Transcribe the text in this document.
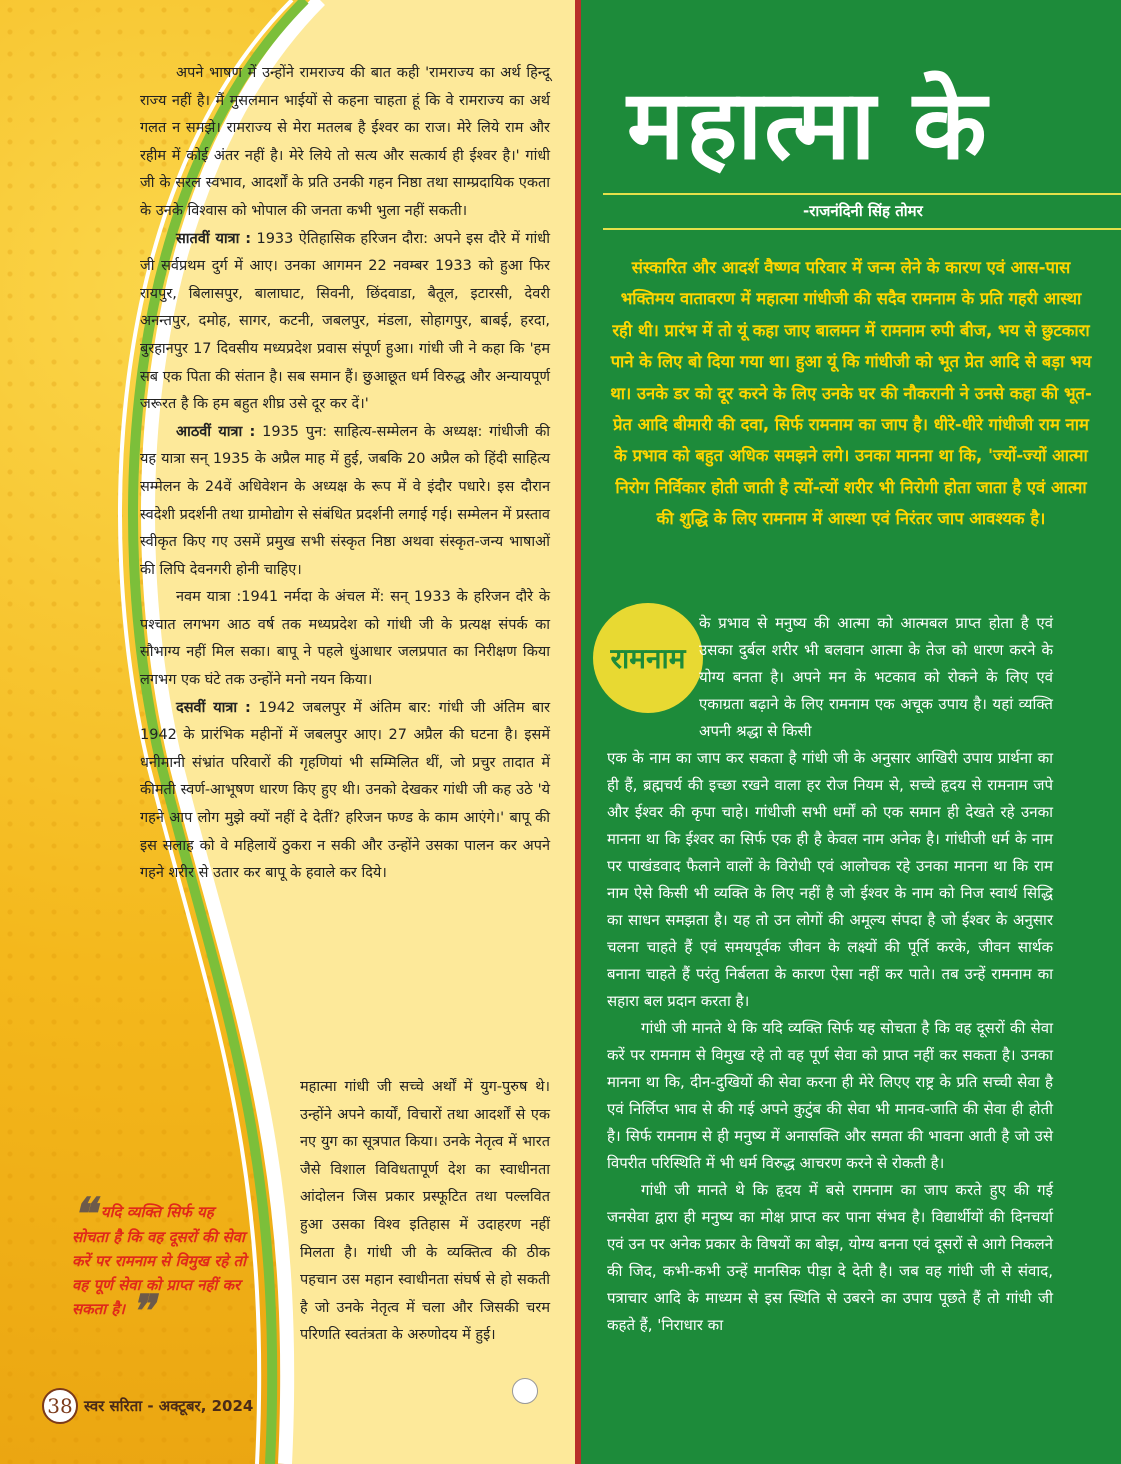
अपने भाषण में उन्होंने रामराज्य की बात कही 'रामराज्य का अर्थ हिन्दू राज्य नहीं है। मैं मुसलमान भाईयों से कहना चाहता हूं कि वे रामराज्य का अर्थ गलत न समझे। रामराज्य से मेरा मतलब है ईश्वर का राज। मेरे लिये राम और रहीम में कोई अंतर नहीं है। मेरे लिये तो सत्य और सत्कार्य ही ईश्वर है।' गांधी जी के सरल स्वभाव, आदर्शों के प्रति उनकी गहन निष्ठा तथा साम्प्रदायिक एकता के उनके विश्वास को भोपाल की जनता कभी भुला नहीं सकती।

सातवीं यात्रा : 1933 ऐतिहासिक हरिजन दौरा: अपने इस दौरे में गांधी जी सर्वप्रथम दुर्ग में आए। उनका आगमन 22 नवम्बर 1933 को हुआ फिर रायपुर, बिलासपुर, बालाघाट, सिवनी, छिंदवाडा, बैतूल, इटारसी, देवरी अनन्तपुर, दमोह, सागर, कटनी, जबलपुर, मंडला, सोहागपुर, बाबई, हरदा, बुरहानपुर 17 दिवसीय मध्यप्रदेश प्रवास संपूर्ण हुआ। गांधी जी ने कहा कि 'हम सब एक पिता की संतान है। सब समान हैं। छुआछूत धर्म विरुद्ध और अन्यायपूर्ण जरूरत है कि हम बहुत शीघ्र उसे दूर कर दें।'

आठवीं यात्रा : 1935 पुन: साहित्य-सम्मेलन के अध्यक्ष: गांधीजी की यह यात्रा सन् 1935 के अप्रैल माह में हुई, जबकि 20 अप्रैल को हिंदी साहित्य सम्मेलन के 24वें अधिवेशन के अध्यक्ष के रूप में वे इंदौर पधारे। इस दौरान स्वदेशी प्रदर्शनी तथा ग्रामोद्योग से संबंधित प्रदर्शनी लगाई गई। सम्मेलन में प्रस्ताव स्वीकृत किए गए उसमें प्रमुख सभी संस्कृत निष्ठा अथवा संस्कृत-जन्य भाषाओं की लिपि देवनगरी होनी चाहिए।

नवम यात्रा :1941 नर्मदा के अंचल में: सन् 1933 के हरिजन दौरे के पश्चात लगभग आठ वर्ष तक मध्यप्रदेश को गांधी जी के प्रत्यक्ष संपर्क का सौभाग्य नहीं मिल सका। बापू ने पहले धुंआधार जलप्रपात का निरीक्षण किया लगभग एक घंटे तक उन्होंने मनो नयन किया।

दसवीं यात्रा : 1942 जबलपुर में अंतिम बार: गांधी जी अंतिम बार 1942 के प्रारंभिक महीनों में जबलपुर आए। 27 अप्रैल की घटना है। इसमें धनीमानी संभ्रांत परिवारों की गृहणियां भी सम्मिलित थीं, जो प्रचुर तादात में कीमती स्वर्ण-आभूषण धारण किए हुए थी। उनको देखकर गांधी जी कह उठे 'ये गहने आप लोग मुझे क्यों नहीं दे देतीं? हरिजन फण्ड के काम आएंगे।' बापू की इस सलाह को वे महिलायें ठुकरा न सकी और उन्होंने उसका पालन कर अपने गहने शरीर से उतार कर बापू के हवाले कर दिये।

महात्मा गांधी जी सच्चे अर्थों में युग-पुरुष थे। उन्होंने अपने कार्यों, विचारों तथा आदर्शों से एक नए युग का सूत्रपात किया। उनके नेतृत्व में भारत जैसे विशाल विविधतापूर्ण देश का स्वाधीनता आंदोलन जिस प्रकार प्रस्फूटित तथा पल्लवित हुआ उसका विश्व इतिहास में उदाहरण नहीं मिलता है। गांधी जी के व्यक्तित्व की ठीक पहचान उस महान स्वाधीनता संघर्ष से हो सकती है जो उनके नेतृत्व में चला और जिसकी चरम परिणति स्वतंत्रता के अरुणोदय में हुई।
❝ यदि व्यक्ति सिर्फ यह सोचता है कि वह दूसरों की सेवा करें पर रामनाम से विमुख रहे तो वह पूर्ण सेवा को प्राप्त नहीं कर सकता है। ❞
38 स्वर सरिता - अक्टूबर, 2024
महात्मा के
-राजनंदिनी सिंह तोमर
संस्कारित और आदर्श वैष्णव परिवार में जन्म लेने के कारण एवं आस-पास भक्तिमय वातावरण में महात्मा गांधीजी की सदैव रामनाम के प्रति गहरी आस्था रही थी। प्रारंभ में तो यूं कहा जाए बालमन में रामनाम रुपी बीज, भय से छुटकारा पाने के लिए बो दिया गया था। हुआ यूं कि गांधीजी को भूत प्रेत आदि से बड़ा भय था। उनके डर को दूर करने के लिए उनके घर की नौकरानी ने उनसे कहा की भूत-प्रेत आदि बीमारी की दवा, सिर्फ रामनाम का जाप है। धीरे-धीरे गांधीजी राम नाम के प्रभाव को बहुत अधिक समझने लगे। उनका मानना था कि, 'ज्यों-ज्यों आत्मा निरोग निर्विकार होती जाती है त्यों-त्यों शरीर भी निरोगी होता जाता है एवं आत्मा की शुद्धि के लिए रामनाम में आस्था एवं निरंतर जाप आवश्यक है।
रामनाम
के प्रभाव से मनुष्य की आत्मा को आत्मबल प्राप्त होता है एवं उसका दुर्बल शरीर भी बलवान आत्मा के तेज को धारण करने के योग्य बनता है। अपने मन के भटकाव को रोकने के लिए एवं एकाग्रता बढ़ाने के लिए रामनाम एक अचूक उपाय है। यहां व्यक्ति अपनी श्रद्धा से किसी

एक के नाम का जाप कर सकता है गांधी जी के अनुसार आखिरी उपाय प्रार्थना का ही हैं, ब्रह्मचर्य की इच्छा रखने वाला हर रोज नियम से, सच्चे हृदय से रामनाम जपे और ईश्वर की कृपा चाहे। गांधीजी सभी धर्मों को एक समान ही देखते रहे उनका मानना था कि ईश्वर का सिर्फ एक ही है केवल नाम अनेक है। गांधीजी धर्म के नाम पर पाखंडवाद फैलाने वालों के विरोधी एवं आलोचक रहे उनका मानना था कि राम नाम ऐसे किसी भी व्यक्ति के लिए नहीं है जो ईश्वर के नाम को निज स्वार्थ सिद्धि का साधन समझता है। यह तो उन लोगों की अमूल्य संपदा है जो ईश्वर के अनुसार चलना चाहते हैं एवं समयपूर्वक जीवन के लक्ष्यों की पूर्ति करके, जीवन सार्थक बनाना चाहते हैं परंतु निर्बलता के कारण ऐसा नहीं कर पाते। तब उन्हें रामनाम का सहारा बल प्रदान करता है।

गांधी जी मानते थे कि यदि व्यक्ति सिर्फ यह सोचता है कि वह दूसरों की सेवा करें पर रामनाम से विमुख रहे तो वह पूर्ण सेवा को प्राप्त नहीं कर सकता है। उनका मानना था कि, दीन-दुखियों की सेवा करना ही मेरे लिएए राष्ट्र के प्रति सच्ची सेवा है एवं निर्लिप्त भाव से की गई अपने कुटुंब की सेवा भी मानव-जाति की सेवा ही होती है। सिर्फ रामनाम से ही मनुष्य में अनासक्ति और समता की भावना आती है जो उसे विपरीत परिस्थिति में भी धर्म विरुद्ध आचरण करने से रोकती है।

गांधी जी मानते थे कि हृदय में बसे रामनाम का जाप करते हुए की गई जनसेवा द्वारा ही मनुष्य का मोक्ष प्राप्त कर पाना संभव है। विद्यार्थीयों की दिनचर्या एवं उन पर अनेक प्रकार के विषयों का बोझ, योग्य बनना एवं दूसरों से आगे निकलने की जिद, कभी-कभी उन्हें मानसिक पीड़ा दे देती है। जब वह गांधी जी से संवाद, पत्राचार आदि के माध्यम से इस स्थिति से उबरने का उपाय पूछते हैं तो गांधी जी कहते हैं, 'निराधार का
